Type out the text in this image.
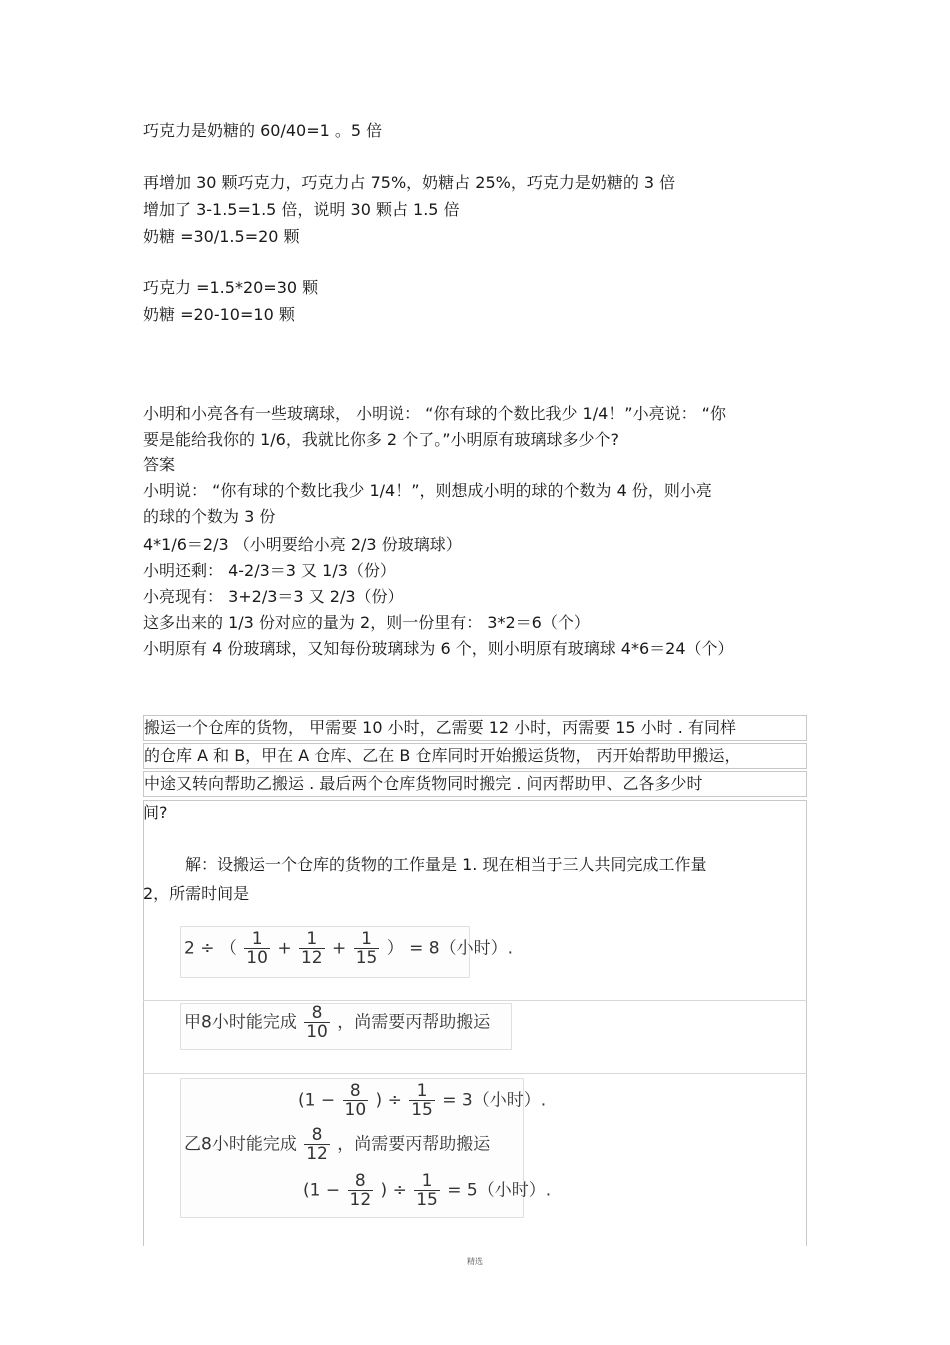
巧克力是奶糖的 60/40=1 。5 倍
再增加 30 颗巧克力，巧克力占 75%，奶糖占 25%，巧克力是奶糖的 3 倍
增加了 3-1.5=1.5 倍，说明 30 颗占 1.5 倍
奶糖 =30/1.5=20 颗
巧克力 =1.5*20=30 颗
奶糖 =20-10=10 颗
小明和小亮各有一些玻璃球， 小明说： “你有球的个数比我少 1/4！”小亮说： “你
要是能给我你的 1/6，我就比你多 2 个了。”小明原有玻璃球多少个?
答案
小明说： “你有球的个数比我少 1/4！”，则想成小明的球的个数为 4 份，则小亮
的球的个数为 3 份
4*1/6＝2/3 （小明要给小亮 2/3 份玻璃球）
小明还剩： 4-2/3＝3 又 1/3（份）
小亮现有： 3+2/3＝3 又 2/3（份）
这多出来的 1/3 份对应的量为 2，则一份里有： 3*2＝6（个）
小明原有 4 份玻璃球，又知每份玻璃球为 6 个，则小明原有玻璃球 4*6＝24（个）
搬运一个仓库的货物， 甲需要 10 小时，乙需要 12 小时，丙需要 15 小时 . 有同样
的仓库 A 和 B，甲在 A 仓库、乙在 B 仓库同时开始搬运货物， 丙开始帮助甲搬运，
中途又转向帮助乙搬运 . 最后两个仓库货物同时搬完 . 问丙帮助甲、乙各多少时
间?
解：设搬运一个仓库的货物的工作量是 1. 现在相当于三人共同完成工作量
2，所需时间是
2 ÷ （ $\frac{1}{10} + \frac{1}{12} + \frac{1}{15}$ ） = 8（小时）.
甲8小时能完成 $\frac{8}{10}$ ，尚需要丙帮助搬运
($1 - \frac{8}{10}$ ) ÷ $\frac{1}{15} = 3$（小时）.
乙8小时能完成 $\frac{8}{12}$ ，尚需要丙帮助搬运
($1 - \frac{8}{12}$ ) ÷ $\frac{1}{15} = 5$（小时）.
精选
